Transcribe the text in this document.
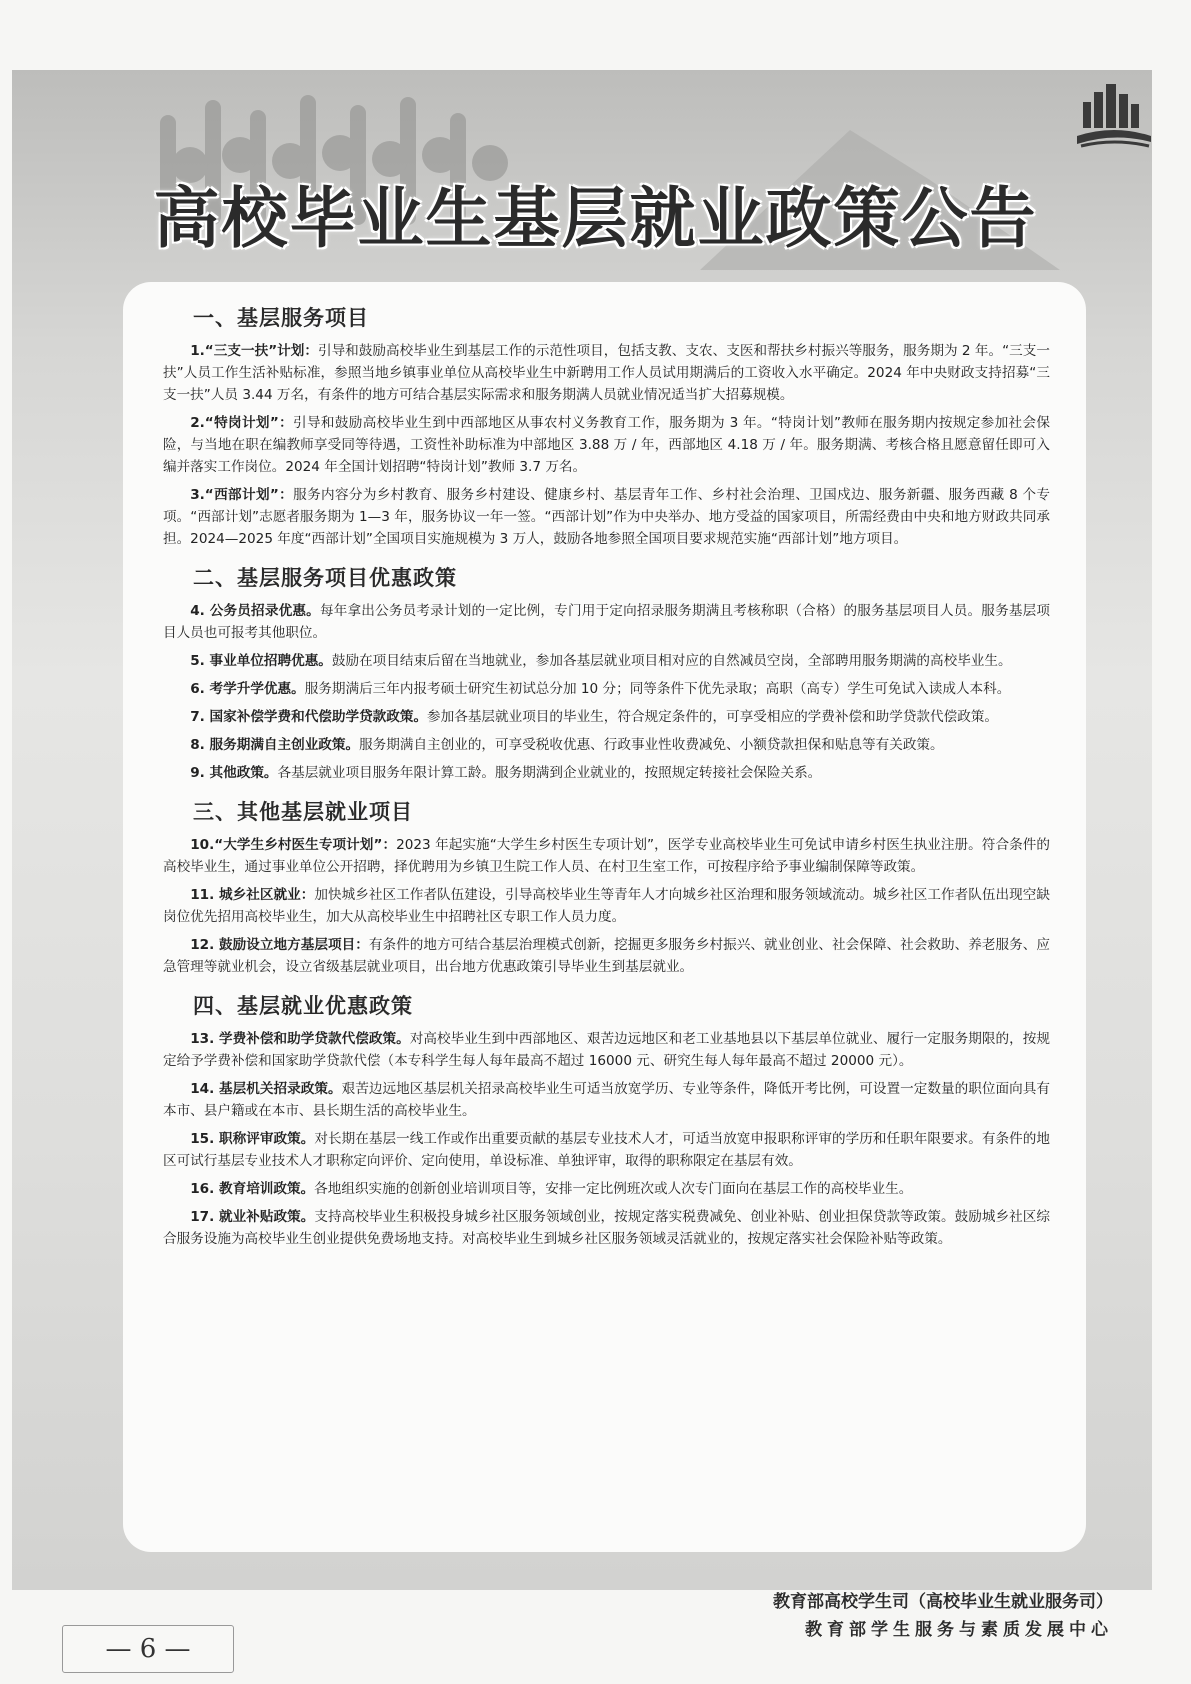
高校毕业生基层就业政策公告
一、基层服务项目

1.“三支一扶”计划：引导和鼓励高校毕业生到基层工作的示范性项目，包括支教、支农、支医和帮扶乡村振兴等服务，服务期为 2 年。“三支一扶”人员工作生活补贴标准，参照当地乡镇事业单位从高校毕业生中新聘用工作人员试用期满后的工资收入水平确定。2024 年中央财政支持招募“三支一扶”人员 3.44 万名，有条件的地方可结合基层实际需求和服务期满人员就业情况适当扩大招募规模。

2.“特岗计划”：引导和鼓励高校毕业生到中西部地区从事农村义务教育工作，服务期为 3 年。“特岗计划”教师在服务期内按规定参加社会保险，与当地在职在编教师享受同等待遇，工资性补助标准为中部地区 3.88 万 / 年，西部地区 4.18 万 / 年。服务期满、考核合格且愿意留任即可入编并落实工作岗位。2024 年全国计划招聘“特岗计划”教师 3.7 万名。

3.“西部计划”：服务内容分为乡村教育、服务乡村建设、健康乡村、基层青年工作、乡村社会治理、卫国戍边、服务新疆、服务西藏 8 个专项。“西部计划”志愿者服务期为 1—3 年，服务协议一年一签。“西部计划”作为中央举办、地方受益的国家项目，所需经费由中央和地方财政共同承担。2024—2025 年度“西部计划”全国项目实施规模为 3 万人，鼓励各地参照全国项目要求规范实施“西部计划”地方项目。

二、基层服务项目优惠政策

4. 公务员招录优惠。每年拿出公务员考录计划的一定比例，专门用于定向招录服务期满且考核称职（合格）的服务基层项目人员。服务基层项目人员也可报考其他职位。

5. 事业单位招聘优惠。鼓励在项目结束后留在当地就业，参加各基层就业项目相对应的自然减员空岗，全部聘用服务期满的高校毕业生。

6. 考学升学优惠。服务期满后三年内报考硕士研究生初试总分加 10 分；同等条件下优先录取；高职（高专）学生可免试入读成人本科。

7. 国家补偿学费和代偿助学贷款政策。参加各基层就业项目的毕业生，符合规定条件的，可享受相应的学费补偿和助学贷款代偿政策。

8. 服务期满自主创业政策。服务期满自主创业的，可享受税收优惠、行政事业性收费减免、小额贷款担保和贴息等有关政策。

9. 其他政策。各基层就业项目服务年限计算工龄。服务期满到企业就业的，按照规定转接社会保险关系。

三、其他基层就业项目

10.“大学生乡村医生专项计划”：2023 年起实施“大学生乡村医生专项计划”，医学专业高校毕业生可免试申请乡村医生执业注册。符合条件的高校毕业生，通过事业单位公开招聘，择优聘用为乡镇卫生院工作人员、在村卫生室工作，可按程序给予事业编制保障等政策。

11. 城乡社区就业：加快城乡社区工作者队伍建设，引导高校毕业生等青年人才向城乡社区治理和服务领域流动。城乡社区工作者队伍出现空缺岗位优先招用高校毕业生，加大从高校毕业生中招聘社区专职工作人员力度。

12. 鼓励设立地方基层项目：有条件的地方可结合基层治理模式创新，挖掘更多服务乡村振兴、就业创业、社会保障、社会救助、养老服务、应急管理等就业机会，设立省级基层就业项目，出台地方优惠政策引导毕业生到基层就业。

四、基层就业优惠政策

13. 学费补偿和助学贷款代偿政策。对高校毕业生到中西部地区、艰苦边远地区和老工业基地县以下基层单位就业、履行一定服务期限的，按规定给予学费补偿和国家助学贷款代偿（本专科学生每人每年最高不超过 16000 元、研究生每人每年最高不超过 20000 元）。

14. 基层机关招录政策。艰苦边远地区基层机关招录高校毕业生可适当放宽学历、专业等条件，降低开考比例，可设置一定数量的职位面向具有本市、县户籍或在本市、县长期生活的高校毕业生。

15. 职称评审政策。对长期在基层一线工作或作出重要贡献的基层专业技术人才，可适当放宽申报职称评审的学历和任职年限要求。有条件的地区可试行基层专业技术人才职称定向评价、定向使用，单设标准、单独评审，取得的职称限定在基层有效。

16. 教育培训政策。各地组织实施的创新创业培训项目等，安排一定比例班次或人次专门面向在基层工作的高校毕业生。

17. 就业补贴政策。支持高校毕业生积极投身城乡社区服务领域创业，按规定落实税费减免、创业补贴、创业担保贷款等政策。鼓励城乡社区综合服务设施为高校毕业生创业提供免费场地支持。对高校毕业生到城乡社区服务领域灵活就业的，按规定落实社会保险补贴等政策。

教育部高校学生司（高校毕业生就业服务司）
教育部学生服务与素质发展中心
— 6 —
